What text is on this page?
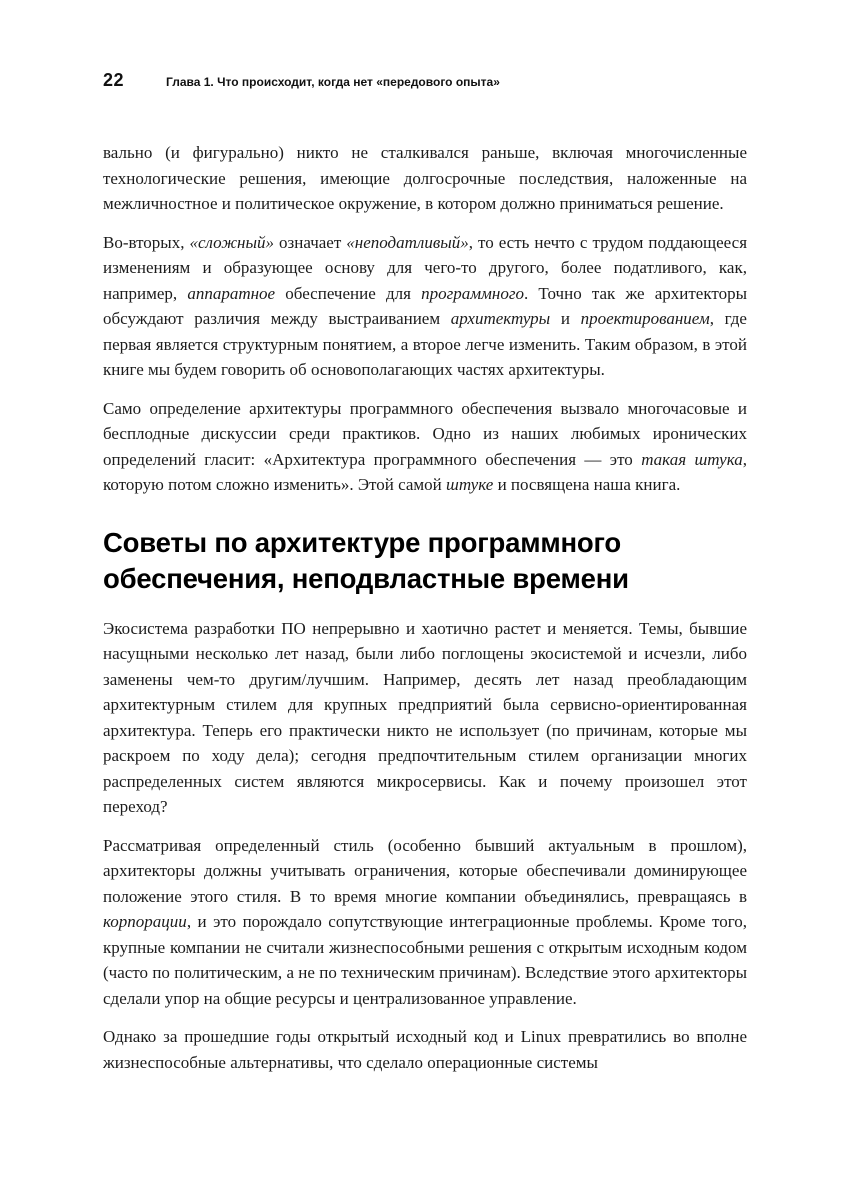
22	Глава 1. Что происходит, когда нет «передового опыта»

вально (и фигурально) никто не сталкивался раньше, включая многочисленные технологические решения, имеющие долгосрочные последствия, наложенные на межличностное и политическое окружение, в котором должно приниматься решение.

Во-вторых, «сложный» означает «неподатливый», то есть нечто с трудом поддающееся изменениям и образующее основу для чего-то другого, более податливого, как, например, аппаратное обеспечение для программного. Точно так же архитекторы обсуждают различия между выстраиванием архитектуры и проектированием, где первая является структурным понятием, а второе легче изменить. Таким образом, в этой книге мы будем говорить об основополагающих частях архитектуры.

Само определение архитектуры программного обеспечения вызвало многочасовые и бесплодные дискуссии среди практиков. Одно из наших любимых иронических определений гласит: «Архитектура программного обеспечения — это такая штука, которую потом сложно изменить». Этой самой штуке и посвящена наша книга.

Советы по архитектуре программного обеспечения, неподвластные времени

Экосистема разработки ПО непрерывно и хаотично растет и меняется. Темы, бывшие насущными несколько лет назад, были либо поглощены экосистемой и исчезли, либо заменены чем-то другим/лучшим. Например, десять лет назад преобладающим архитектурным стилем для крупных предприятий была сервисно-ориентированная архитектура. Теперь его практически никто не использует (по причинам, которые мы раскроем по ходу дела); сегодня предпочтительным стилем организации многих распределенных систем являются микросервисы. Как и почему произошел этот переход?

Рассматривая определенный стиль (особенно бывший актуальным в прошлом), архитекторы должны учитывать ограничения, которые обеспечивали доминирующее положение этого стиля. В то время многие компании объединялись, превращаясь в корпорации, и это порождало сопутствующие интеграционные проблемы. Кроме того, крупные компании не считали жизнеспособными решения с открытым исходным кодом (часто по политическим, а не по техническим причинам). Вследствие этого архитекторы сделали упор на общие ресурсы и централизованное управление.

Однако за прошедшие годы открытый исходный код и Linux превратились во вполне жизнеспособные альтернативы, что сделало операционные системы
